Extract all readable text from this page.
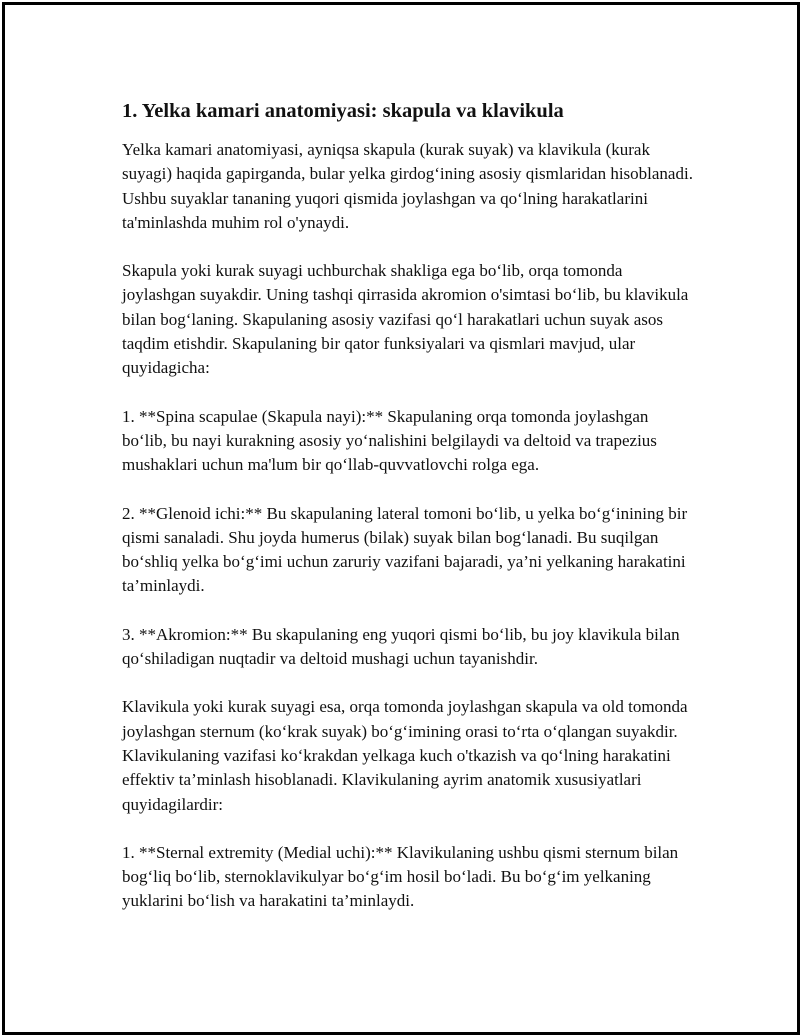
1. Yelka kamari anatomiyasi: skapula va klavikula

Yelka kamari anatomiyasi, ayniqsa skapula (kurak suyak) va klavikula (kurak suyagi) haqida gapirganda, bular yelka girdog‘ining asosiy qismlaridan hisoblanadi. Ushbu suyaklar tananing yuqori qismida joylashgan va qo‘lning harakatlarini ta'minlashda muhim rol o'ynaydi.

Skapula yoki kurak suyagi uchburchak shakliga ega bo‘lib, orqa tomonda joylashgan suyakdir. Uning tashqi qirrasida akromion o'simtasi bo‘lib, bu klavikula bilan bog‘laning. Skapulaning asosiy vazifasi qo‘l harakatlari uchun suyak asos taqdim etishdir. Skapulaning bir qator funksiyalari va qismlari mavjud, ular quyidagicha:

1. **Spina scapulae (Skapula nayi):** Skapulaning orqa tomonda joylashgan bo‘lib, bu nayi kurakning asosiy yo‘nalishini belgilaydi va deltoid va trapezius mushaklari uchun ma'lum bir qo‘llab-quvvatlovchi rolga ega.

2. **Glenoid ichi:** Bu skapulaning lateral tomoni bo‘lib, u yelka bo‘g‘inining bir qismi sanaladi. Shu joyda humerus (bilak) suyak bilan bog‘lanadi. Bu suqilgan bo‘shliq yelka bo‘g‘imi uchun zaruriy vazifani bajaradi, ya’ni yelkaning harakatini ta’minlaydi.

3. **Akromion:** Bu skapulaning eng yuqori qismi bo‘lib, bu joy klavikula bilan qo‘shiladigan nuqtadir va deltoid mushagi uchun tayanishdir.

Klavikula yoki kurak suyagi esa, orqa tomonda joylashgan skapula va old tomonda joylashgan sternum (ko‘krak suyak) bo‘g‘imining orasi to‘rta o‘qlangan suyakdir. Klavikulaning vazifasi ko‘krakdan yelkaga kuch o'tkazish va qo‘lning harakatini effektiv ta’minlash hisoblanadi. Klavikulaning ayrim anatomik xususiyatlari quyidagilardir:

1. **Sternal extremity (Medial uchi):** Klavikulaning ushbu qismi sternum bilan bog‘liq bo‘lib, sternoklavikulyar bo‘g‘im hosil bo‘ladi. Bu bo‘g‘im yelkaning yuklarini bo‘lish va harakatini ta’minlaydi.
